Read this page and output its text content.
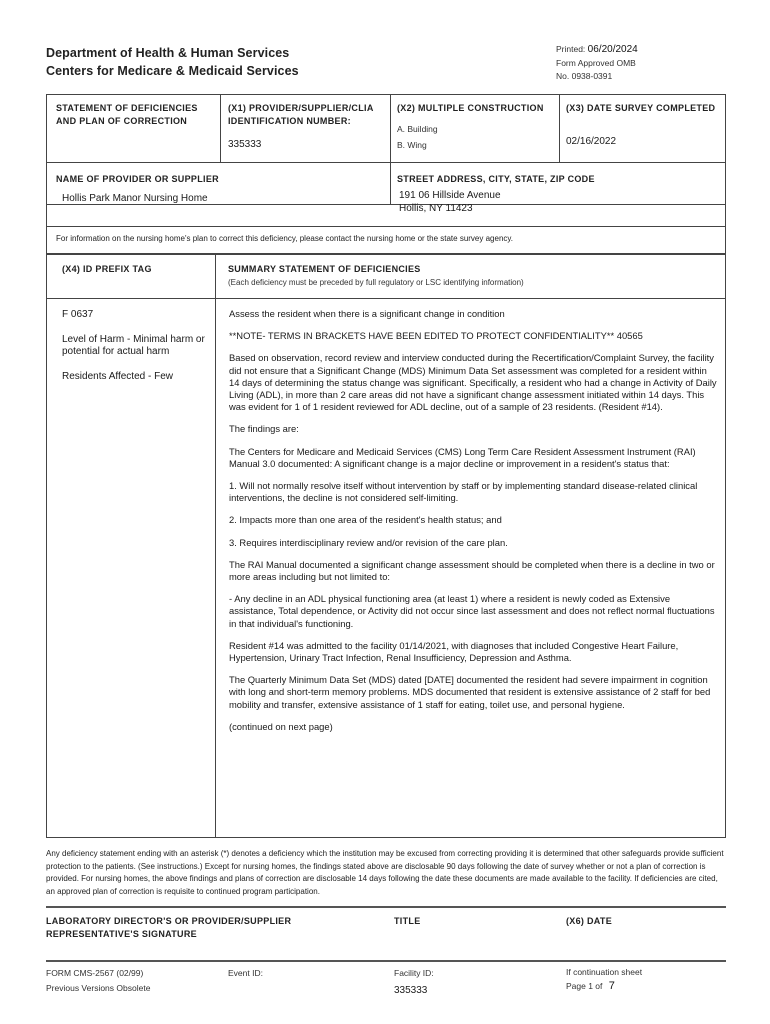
Department of Health & Human Services
Centers for Medicare & Medicaid Services
Printed: 06/20/2024
Form Approved OMB
No. 0938-0391
STATEMENT OF DEFICIENCIES AND PLAN OF CORRECTION
(X1) PROVIDER/SUPPLIER/CLIA IDENTIFICATION NUMBER:
335333
(X2) MULTIPLE CONSTRUCTION
A. Building
B. Wing
(X3) DATE SURVEY COMPLETED
02/16/2022
NAME OF PROVIDER OR SUPPLIER
Hollis Park Manor Nursing Home
STREET ADDRESS, CITY, STATE, ZIP CODE
191 06 Hillside Avenue
Hollis, NY 11423
For information on the nursing home's plan to correct this deficiency, please contact the nursing home or the state survey agency.
(X4) ID PREFIX TAG	SUMMARY STATEMENT OF DEFICIENCIES
(Each deficiency must be preceded by full regulatory or LSC identifying information)
F 0637
Level of Harm - Minimal harm or potential for actual harm
Residents Affected - Few

Assess the resident when there is a significant change in condition

**NOTE- TERMS IN BRACKETS HAVE BEEN EDITED TO PROTECT CONFIDENTIALITY** 40565

Based on observation, record review and interview conducted during the Recertification/Complaint Survey, the facility did not ensure that a Significant Change (MDS) Minimum Data Set assessment was completed for a resident within 14 days of determining the status change was significant. Specifically, a resident who had a change in Activity of Daily Living (ADL), in more than 2 care areas did not have a significant change assessment initiated within 14 days. This was evident for 1 of 1 resident reviewed for ADL decline, out of a sample of 23 residents. (Resident #14).

The findings are:

The Centers for Medicare and Medicaid Services (CMS) Long Term Care Resident Assessment Instrument (RAI) Manual 3.0 documented: A significant change is a major decline or improvement in a resident's status that:

1. Will not normally resolve itself without intervention by staff or by implementing standard disease-related clinical interventions, the decline is not considered self-limiting.

2. Impacts more than one area of the resident's health status; and

3. Requires interdisciplinary review and/or revision of the care plan.

The RAI Manual documented a significant change assessment should be completed when there is a decline in two or more areas including but not limited to:

- Any decline in an ADL physical functioning area (at least 1) where a resident is newly coded as Extensive assistance, Total dependence, or Activity did not occur since last assessment and does not reflect normal fluctuations in that individual's functioning.

Resident #14 was admitted to the facility 01/14/2021, with diagnoses that included Congestive Heart Failure, Hypertension, Urinary Tract Infection, Renal Insufficiency, Depression and Asthma.

The Quarterly Minimum Data Set (MDS) dated [DATE] documented the resident had severe impairment in cognition with long and short-term memory problems. MDS documented that resident is extensive assistance of 2 staff for bed mobility and transfer, extensive assistance of 1 staff for eating, toilet use, and personal hygiene.

(continued on next page)

Any deficiency statement ending with an asterisk (*) denotes a deficiency which the institution may be excused from correcting providing it is determined that other safeguards provide sufficient protection to the patients. (See instructions.) Except for nursing homes, the findings stated above are disclosable 90 days following the date of survey whether or not a plan of correction is provided. For nursing homes, the above findings and plans of correction are disclosable 14 days following the date these documents are made available to the facility. If deficiencies are cited, an approved plan of correction is requisite to continued program participation.
LABORATORY DIRECTOR'S OR PROVIDER/SUPPLIER REPRESENTATIVE'S SIGNATURE
TITLE	(X6) DATE
FORM CMS-2567 (02/99)
Previous Versions Obsolete
Event ID:	Facility ID:
335333
If continuation sheet
Page 1 of 7
